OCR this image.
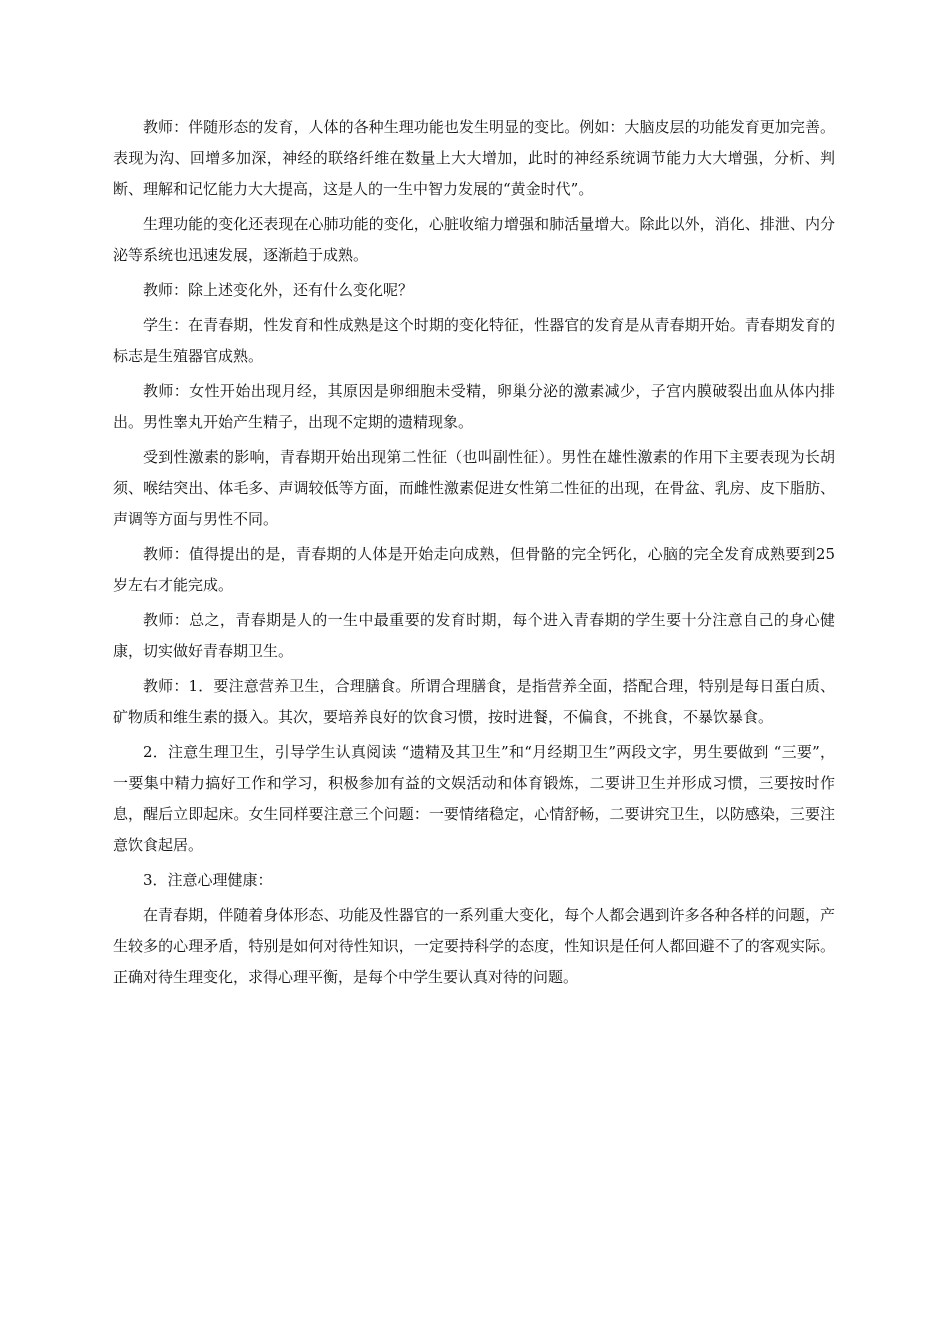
教师：伴随形态的发育，人体的各种生理功能也发生明显的变比。例如：大脑皮层的功能发育更加完善。表现为沟、回增多加深，神经的联络纤维在数量上大大增加，此时的神经系统调节能力大大增强，分析、判断、理解和记忆能力大大提高，这是人的一生中智力发展的“黄金时代”。

生理功能的变化还表现在心肺功能的变化，心脏收缩力增强和肺活量增大。除此以外，消化、排泄、内分泌等系统也迅速发展，逐渐趋于成熟。

教师：除上述变化外，还有什么变化呢？

学生：在青春期，性发育和性成熟是这个时期的变化特征，性器官的发育是从青春期开始。青春期发育的标志是生殖器官成熟。

教师：女性开始出现月经，其原因是卵细胞未受精，卵巢分泌的激素减少，子宫内膜破裂出血从体内排出。男性睾丸开始产生精子，出现不定期的遗精现象。

受到性激素的影响，青春期开始出现第二性征（也叫副性征）。男性在雄性激素的作用下主要表现为长胡须、喉结突出、体毛多、声调较低等方面，而雌性激素促进女性第二性征的出现，在骨盆、乳房、皮下脂肪、声调等方面与男性不同。

教师：值得提出的是，青春期的人体是开始走向成熟，但骨骼的完全钙化，心脑的完全发育成熟要到25岁左右才能完成。

教师：总之，青春期是人的一生中最重要的发育时期，每个进入青春期的学生要十分注意自己的身心健康，切实做好青春期卫生。

教师：1．要注意营养卫生，合理膳食。所谓合理膳食，是指营养全面，搭配合理，特别是每日蛋白质、矿物质和维生素的摄入。其次，要培养良好的饮食习惯，按时进餐，不偏食，不挑食，不暴饮暴食。

2．注意生理卫生，引导学生认真阅读 “遗精及其卫生”和“月经期卫生”两段文字，男生要做到 “三要”，一要集中精力搞好工作和学习，积极参加有益的文娱活动和体育锻炼，二要讲卫生并形成习惯，三要按时作息，醒后立即起床。女生同样要注意三个问题：一要情绪稳定，心情舒畅，二要讲究卫生，以防感染，三要注意饮食起居。

3．注意心理健康：

在青春期，伴随着身体形态、功能及性器官的一系列重大变化，每个人都会遇到许多各种各样的问题，产生较多的心理矛盾，特别是如何对待性知识，一定要持科学的态度，性知识是任何人都回避不了的客观实际。正确对待生理变化，求得心理平衡，是每个中学生要认真对待的问题。
